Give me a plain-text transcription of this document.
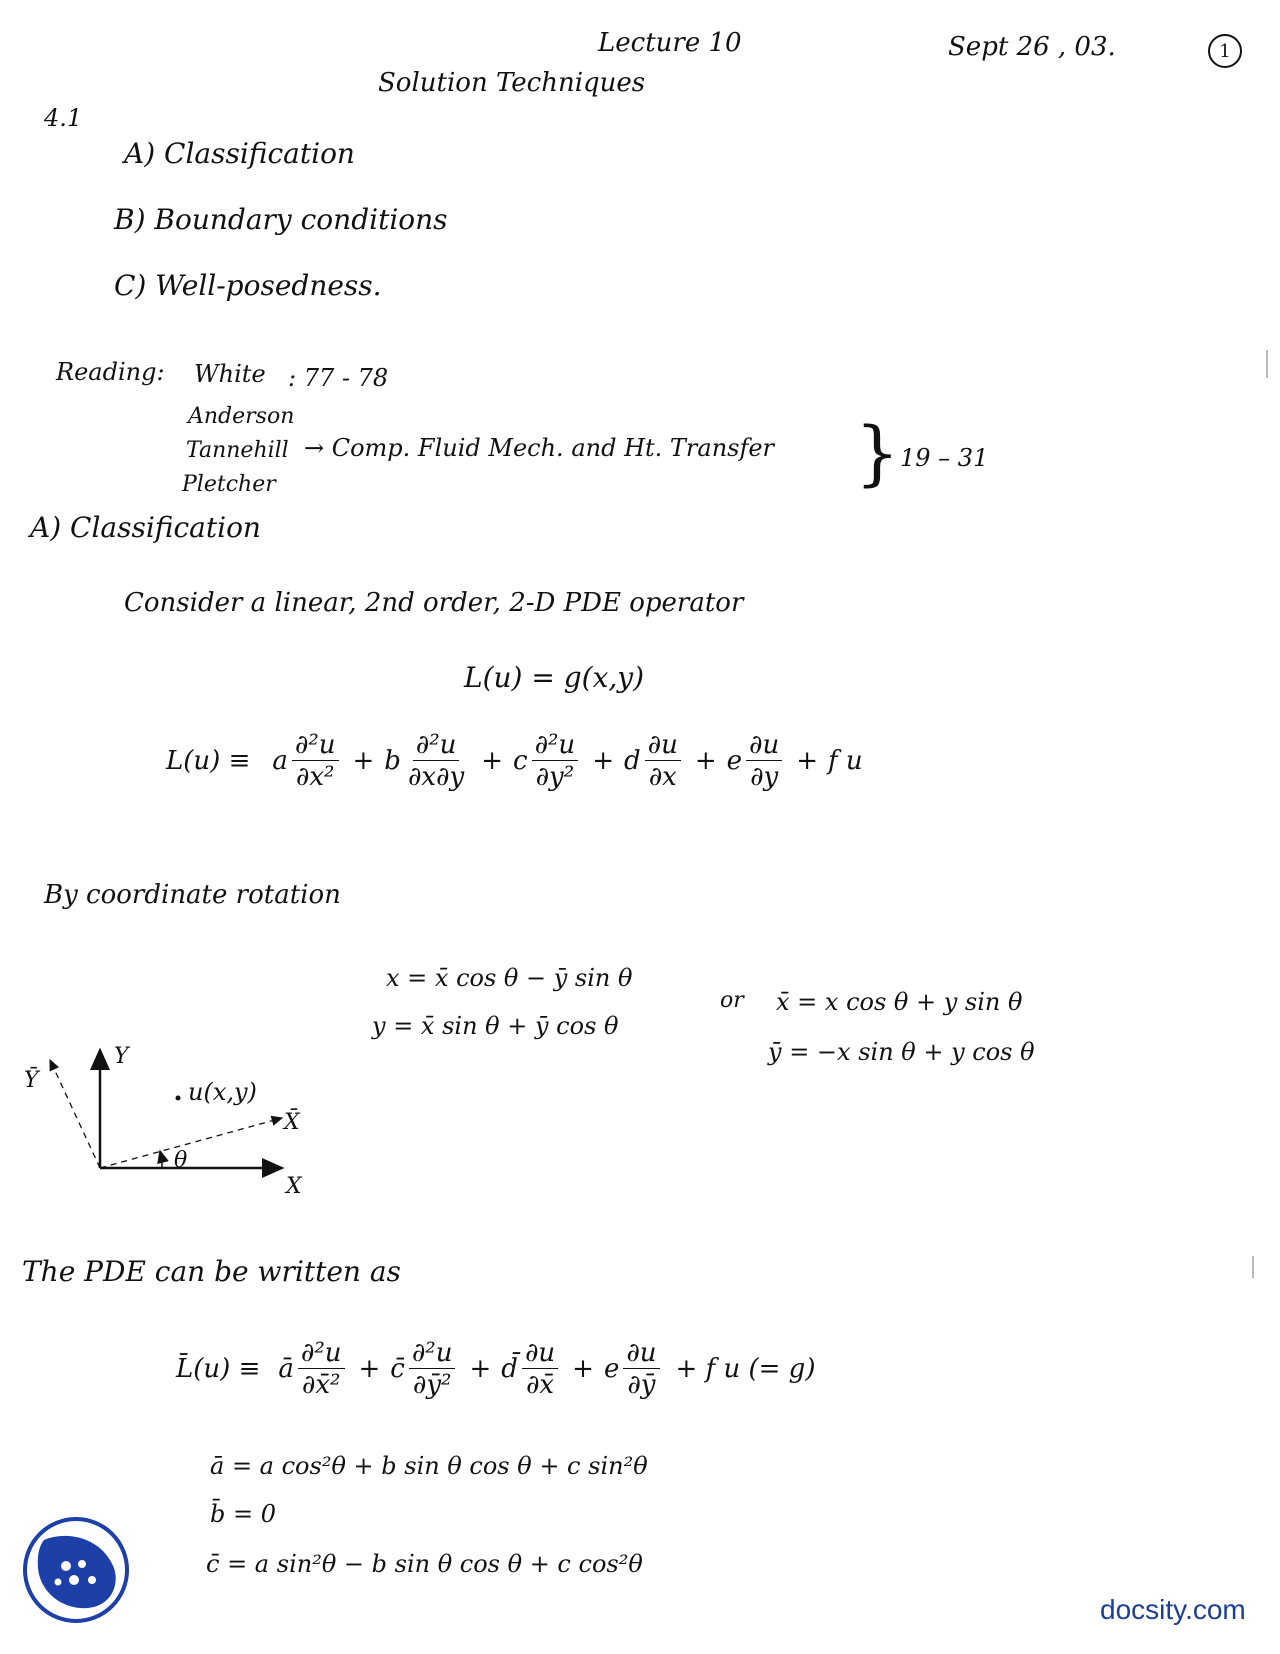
Lecture 10	Sept 26 , 03.	1
Solution Techniques
4.1
A) Classification
B) Boundary conditions
C) Well-posedness.
Reading: White : 77 - 78
Anderson
Tannehill
Pletcher
→ Comp. Fluid Mech. and Ht. Transfer } 19 – 31
A) Classification
Consider a linear, 2nd order, 2-D PDE operator
L(u) = g(x,y)
L(u) ≡ a $\frac{\text{∂²u}}{\text{∂x²}} + b \frac{\text{∂²u}}{\partial x\partial y} + c \frac{\text{∂²u}}{\text{∂y²}} + d \frac{\partial u}{\partial x} + e \frac{\partial u}{\partial y} + f$ u
By coordinate rotation
x = x̄ cos θ − ȳ sin θ
y = x̄ sin θ + ȳ cos θ
or x̄ = x cos θ + y sin θ
ȳ = −x sin θ + y cos θ
Y
X
X̄
Ȳ	u(x,y)
θ
The PDE can be written as
L̄(u) ≡ ā $\frac{\text{∂²u}}{\text{∂x̄²}}$ + c̄ $\frac{\text{∂²u}}{\text{∂ȳ²}}$ + d̄ $\frac{\partial u}{\partial x̄} + e \frac{\partial u}{\partial ȳ} + f$ u (= g)
ā = a cos²θ + b sin θ cos θ + c sin²θ
b̄ = 0
c̄ = a sin²θ − b sin θ cos θ + c cos²θ
docsity.com
